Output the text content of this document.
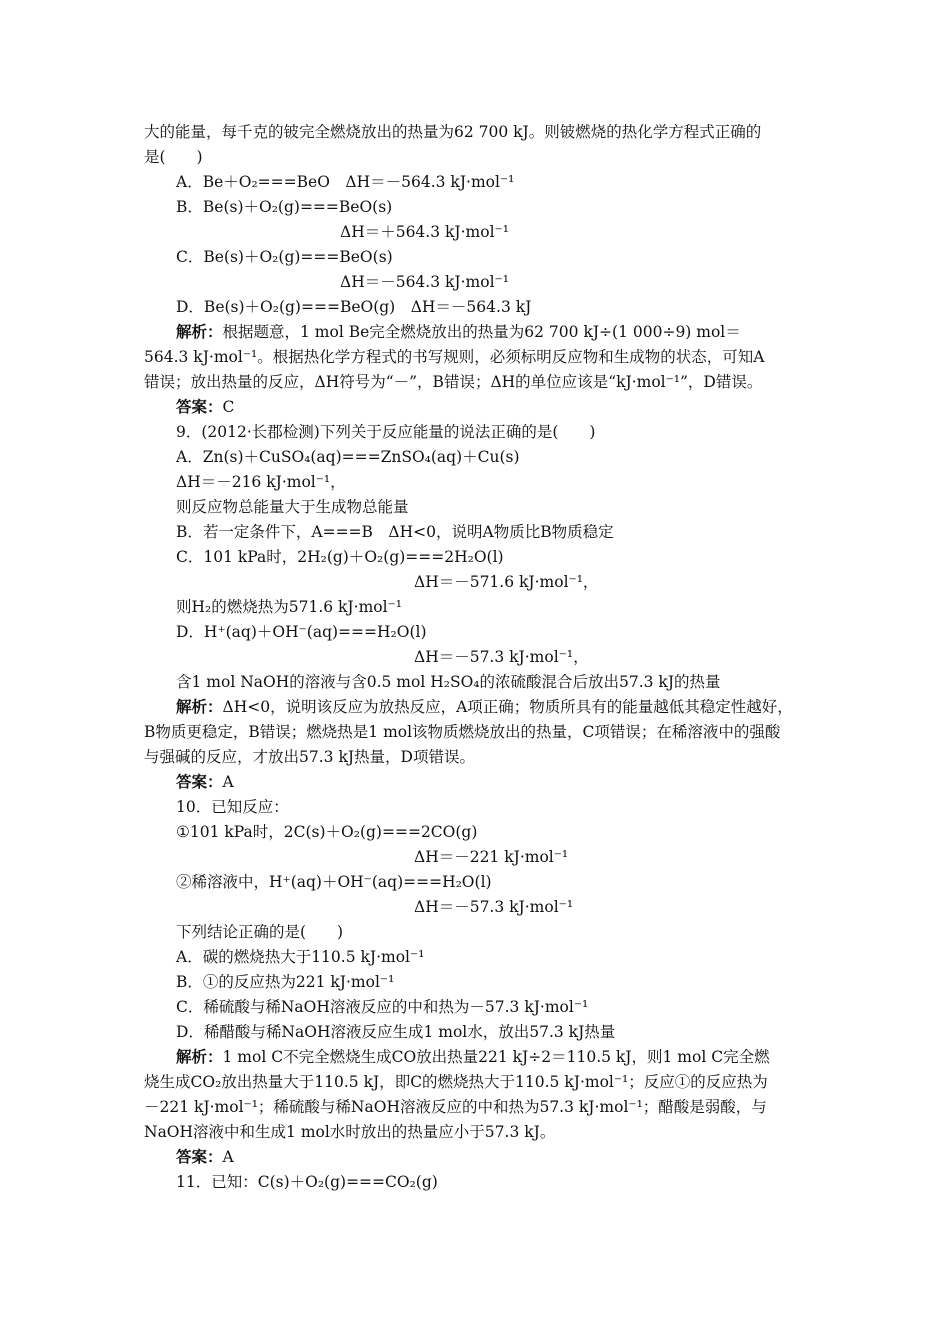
大的能量，每千克的铍完全燃烧放出的热量为62 700 kJ。则铍燃烧的热化学方程式正确的
是(　　)
A．Be＋O₂===BeO　ΔH＝－564.3 kJ·mol⁻¹
B．Be(s)＋O₂(g)===BeO(s)
ΔH＝＋564.3 kJ·mol⁻¹
C．Be(s)＋O₂(g)===BeO(s)
ΔH＝－564.3 kJ·mol⁻¹
D．Be(s)＋O₂(g)===BeO(g)　ΔH＝－564.3 kJ
解析：根据题意，1 mol Be完全燃烧放出的热量为62 700 kJ÷(1 000÷9) mol＝
564.3 kJ·mol⁻¹。根据热化学方程式的书写规则，必须标明反应物和生成物的状态，可知A
错误；放出热量的反应，ΔH符号为“－”，B错误；ΔH的单位应该是“kJ·mol⁻¹”，D错误。
答案：C
9．(2012·长郡检测)下列关于反应能量的说法正确的是(　　)
A．Zn(s)＋CuSO₄(aq)===ZnSO₄(aq)＋Cu(s)
ΔH＝－216 kJ·mol⁻¹，
则反应物总能量大于生成物总能量
B．若一定条件下，A===B　ΔH<0，说明A物质比B物质稳定
C．101 kPa时，2H₂(g)＋O₂(g)===2H₂O(l)
ΔH＝－571.6 kJ·mol⁻¹，
则H₂的燃烧热为571.6 kJ·mol⁻¹
D．H⁺(aq)＋OH⁻(aq)===H₂O(l)
ΔH＝－57.3 kJ·mol⁻¹，
含1 mol NaOH的溶液与含0.5 mol H₂SO₄的浓硫酸混合后放出57.3 kJ的热量
解析：ΔH<0，说明该反应为放热反应，A项正确；物质所具有的能量越低其稳定性越好，
B物质更稳定，B错误；燃烧热是1 mol该物质燃烧放出的热量，C项错误；在稀溶液中的强酸
与强碱的反应，才放出57.3 kJ热量，D项错误。
答案：A
10．已知反应：
①101 kPa时，2C(s)＋O₂(g)===2CO(g)
ΔH＝－221 kJ·mol⁻¹
②稀溶液中，H⁺(aq)＋OH⁻(aq)===H₂O(l)
ΔH＝－57.3 kJ·mol⁻¹
下列结论正确的是(　　)
A．碳的燃烧热大于110.5 kJ·mol⁻¹
B．①的反应热为221 kJ·mol⁻¹
C．稀硫酸与稀NaOH溶液反应的中和热为－57.3 kJ·mol⁻¹
D．稀醋酸与稀NaOH溶液反应生成1 mol水，放出57.3 kJ热量
解析：1 mol C不完全燃烧生成CO放出热量221 kJ÷2＝110.5 kJ，则1 mol C完全燃
烧生成CO₂放出热量大于110.5 kJ，即C的燃烧热大于110.5 kJ·mol⁻¹；反应①的反应热为
－221 kJ·mol⁻¹；稀硫酸与稀NaOH溶液反应的中和热为57.3 kJ·mol⁻¹；醋酸是弱酸，与
NaOH溶液中和生成1 mol水时放出的热量应小于57.3 kJ。
答案：A
11．已知：C(s)＋O₂(g)===CO₂(g)
